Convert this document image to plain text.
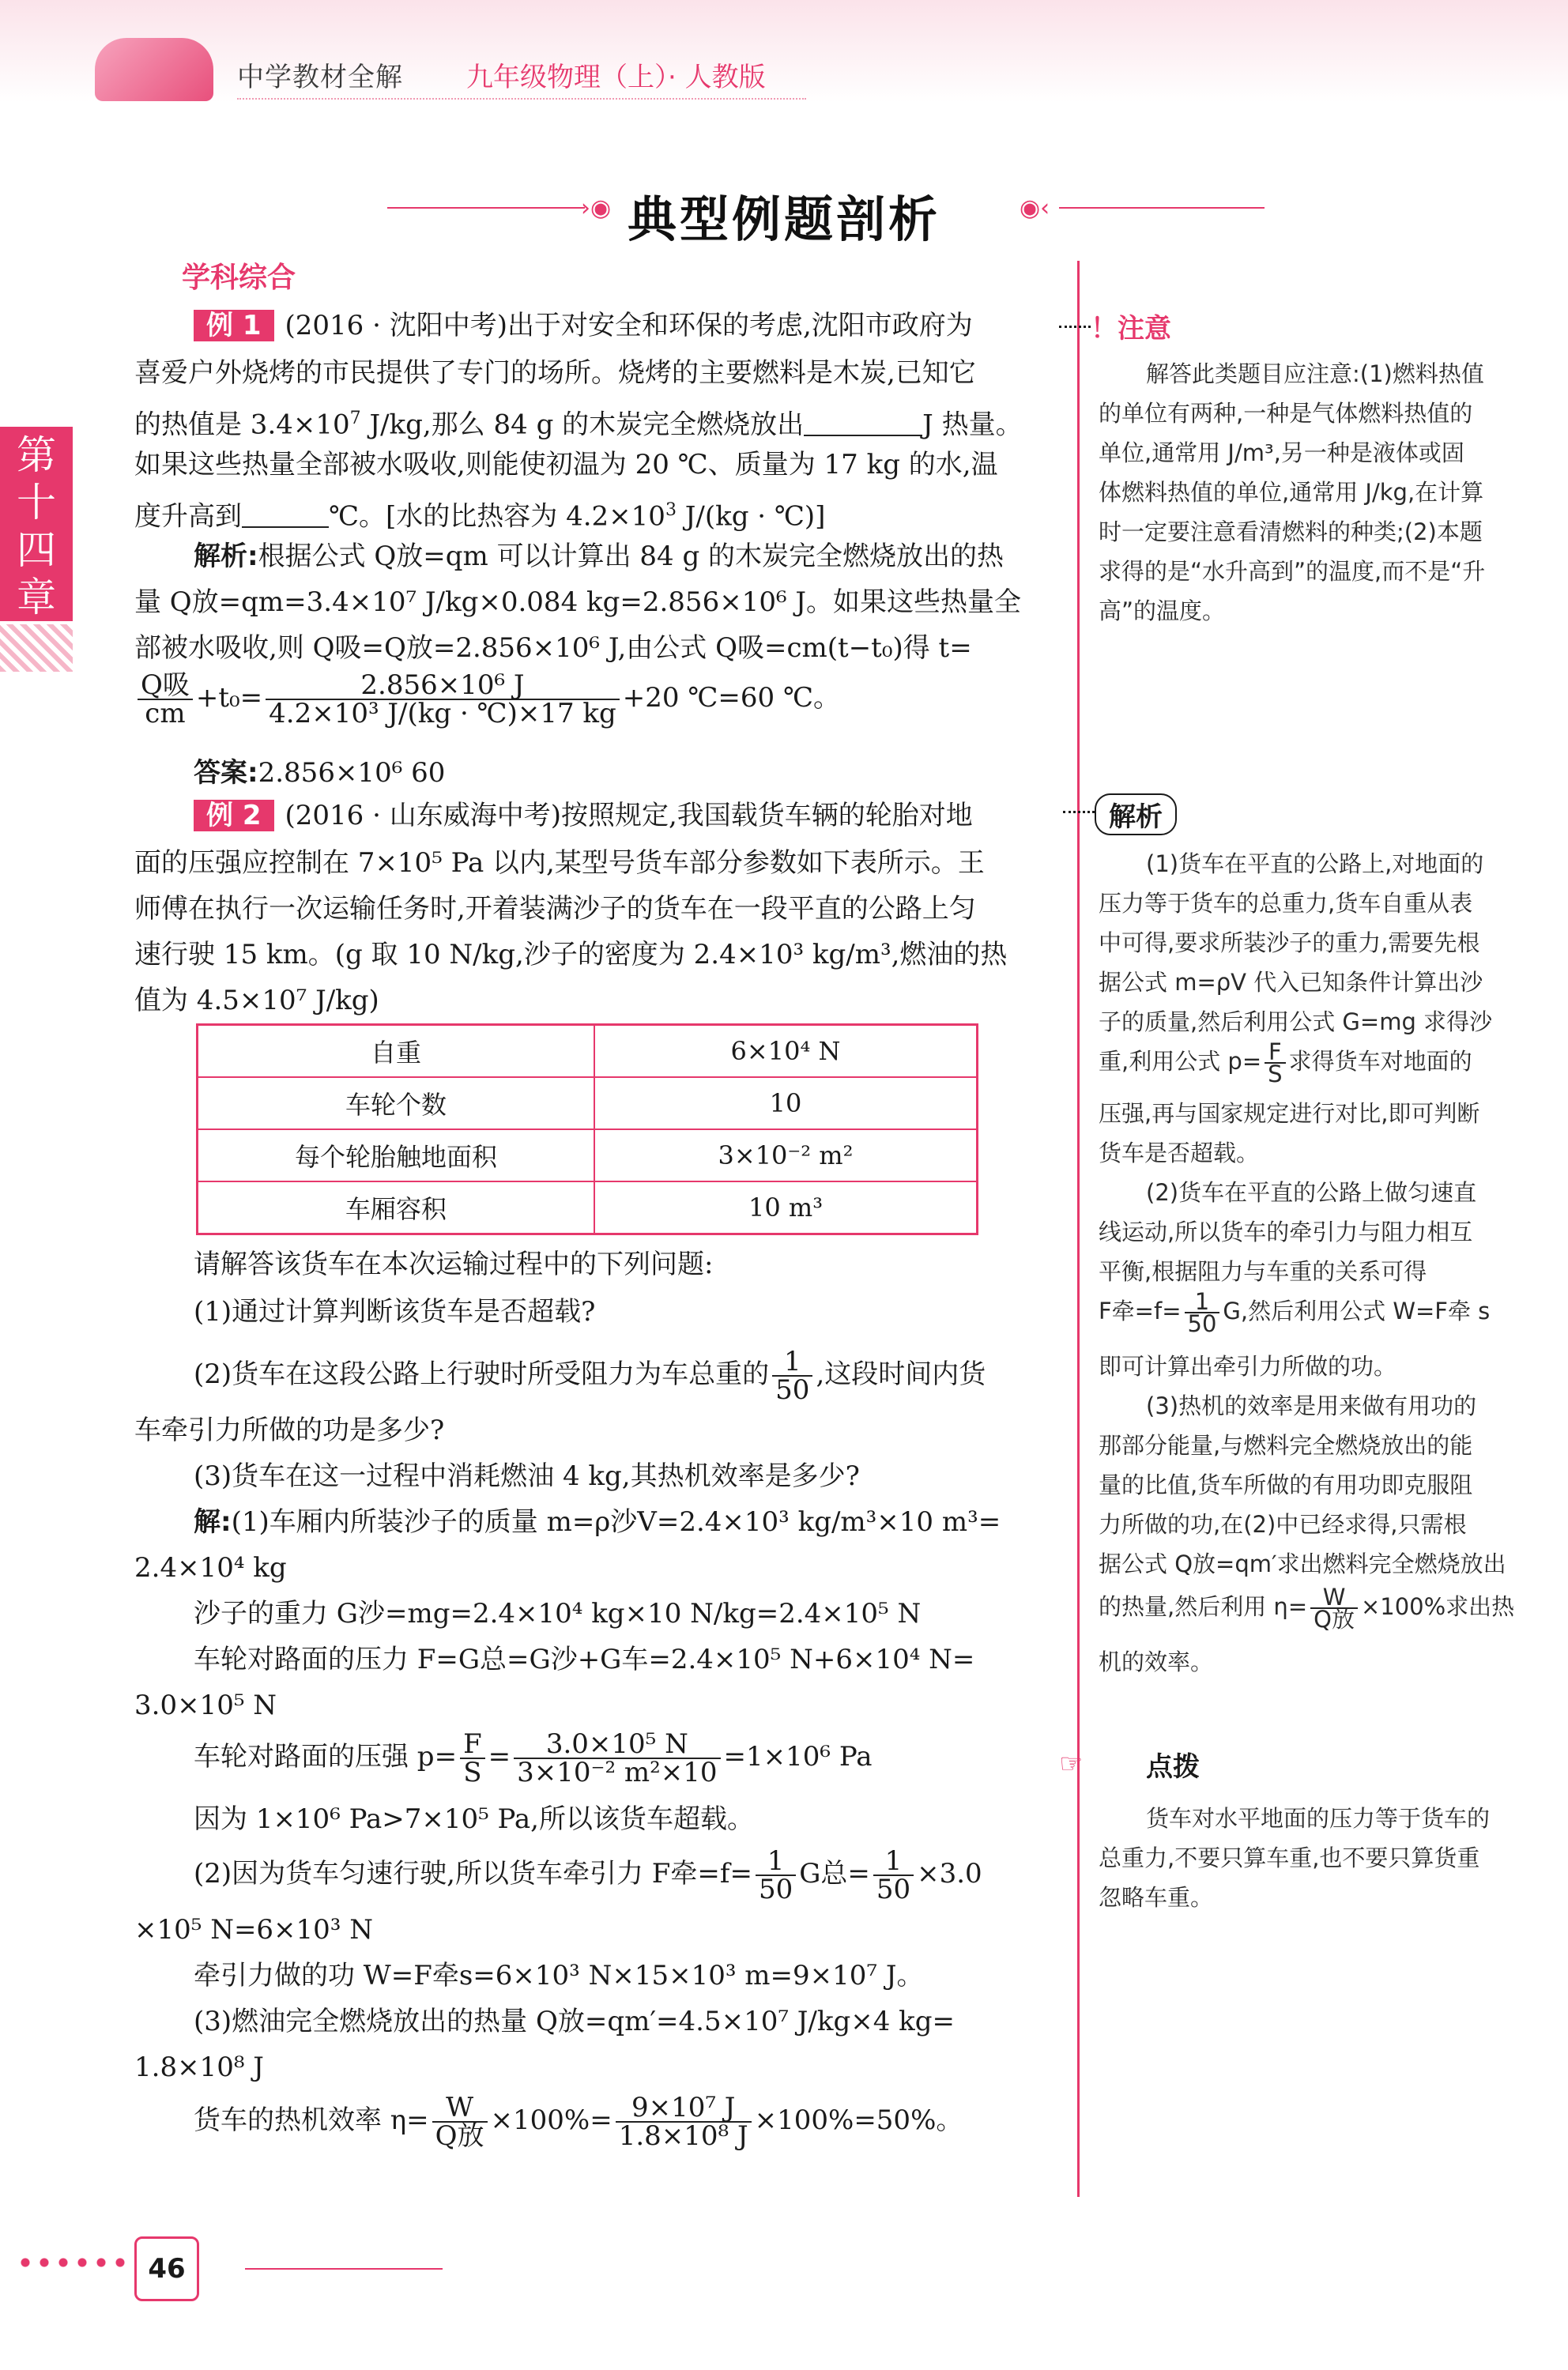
中学教材全解 九年级物理（上）· 人教版
›◉ 典型例题剖析	◉‹
第十四章
学科综合
例 1 (2016 · 沈阳中考)出于对安全和环保的考虑,沈阳市政府为
喜爱户外烧烤的市民提供了专门的场所。烧烤的主要燃料是木炭,已知它
的热值是 $3.4\times 10^7$ J/kg,那么 84 g 的木炭完全燃烧放出	J 热量。
如果这些热量全部被水吸收,则能使初温为 20 ℃、质量为 17 kg 的水,温
度升高到	℃。[水的比热容为 $4.2\times 10^3$ J/(kg · ℃)]
解析:根据公式 Q放=qm 可以计算出 84 g 的木炭完全燃烧放出的热
量 Q放=qm=3.4×10⁷ J/kg×0.084 kg=2.856×10⁶ J。如果这些热量全
部被水吸收,则 Q吸=Q放=2.856×10⁶ J,由公式 Q吸=cm(t−t₀)得 t=
$\frac{\text{Q吸}}{cm} +t_0= \frac{\text{2.856×10⁶ J}}{\text{4.2×10³ J/(kg · ℃)×17 kg}} +20$ ℃=60 ℃。
答案:2.856×10⁶ 60
例 2 (2016 · 山东威海中考)按照规定,我国载货车辆的轮胎对地
面的压强应控制在 7×10⁵ Pa 以内,某型号货车部分参数如下表所示。王
师傅在执行一次运输任务时,开着装满沙子的货车在一段平直的公路上匀
速行驶 15 km。(g 取 10 N/kg,沙子的密度为 2.4×10³ kg/m³,燃油的热
值为 4.5×10⁷ J/kg)
自重	6×10⁴ N
车轮个数	10
每个轮胎触地面积	3×10⁻² m²
车厢容积	10 m³
请解答该货车在本次运输过程中的下列问题:
(1)通过计算判断该货车是否超载?
(2)货车在这段公路上行驶时所受阻力为车总重的 $\frac{1}{50}$ ,这段时间内货
车牵引力所做的功是多少?
(3)货车在这一过程中消耗燃油 4 kg,其热机效率是多少?
解:(1)车厢内所装沙子的质量 m=ρ沙V=2.4×10³ kg/m³×10 m³=
2.4×10⁴ kg
沙子的重力 G沙=mg=2.4×10⁴ kg×10 N/kg=2.4×10⁵ N
车轮对路面的压力 F=G总=G沙+G车=2.4×10⁵ N+6×10⁴ N=
3.0×10⁵ N
车轮对路面的压强 $p= \frac{F}{S} = \frac{\text{3.0×10⁵ N}}{\text{3×10⁻² m²×10}} =1\times 10^6$ Pa
因为 1×10⁶ Pa>7×10⁵ Pa,所以该货车超载。
(2)因为货车匀速行驶,所以货车牵引力 F牵$=f= \frac{1}{50}$ G总= $\frac{1}{50} \times 3.0$
×10⁵ N=6×10³ N
牵引力做的功 W=F牵s=6×10³ N×15×10³ m=9×10⁷ J。
(3)燃油完全燃烧放出的热量 Q放=qm′=4.5×10⁷ J/kg×4 kg=
1.8×10⁸ J
货车的热机效率 $\eta= \frac{W}{\text{Q放}} \times 100\%= \frac{\text{9×10⁷ J}}{\text{1.8×10⁸ J}} \times 100\%=50\%$。
！注意
解答此类题目应注意:(1)燃料热值
的单位有两种,一种是气体燃料热值的
单位,通常用 J/m³,另一种是液体或固
体燃料热值的单位,通常用 J/kg,在计算
时一定要注意看清燃料的种类;(2)本题
求得的是“水升高到”的温度,而不是“升
高”的温度。
解析
(1)货车在平直的公路上,对地面的
压力等于货车的总重力,货车自重从表
中可得,要求所装沙子的重力,需要先根
据公式 m=ρV 代入已知条件计算出沙
子的质量,然后利用公式 G=mg 求得沙
重,利用公式 $p= \frac{F}{S}$ 求得货车对地面的
压强,再与国家规定进行对比,即可判断
货车是否超载。
(2)货车在平直的公路上做匀速直
线运动,所以货车的牵引力与阻力相互
平衡,根据阻力与车重的关系可得
F牵$=f= \frac{1}{50} G$,然后利用公式 W=F牵 s
即可计算出牵引力所做的功。
(3)热机的效率是用来做有用功的
那部分能量,与燃料完全燃烧放出的能
量的比值,货车所做的有用功即克服阻
力所做的功,在(2)中已经求得,只需根
据公式 Q放=qm′求出燃料完全燃烧放出
的热量,然后利用 $\eta= \frac{W}{\text{Q放}} \times 100\%$求出热
机的效率。
☞ 点拨
货车对水平地面的压力等于货车的
总重力,不要只算车重,也不要只算货重
忽略车重。
46
